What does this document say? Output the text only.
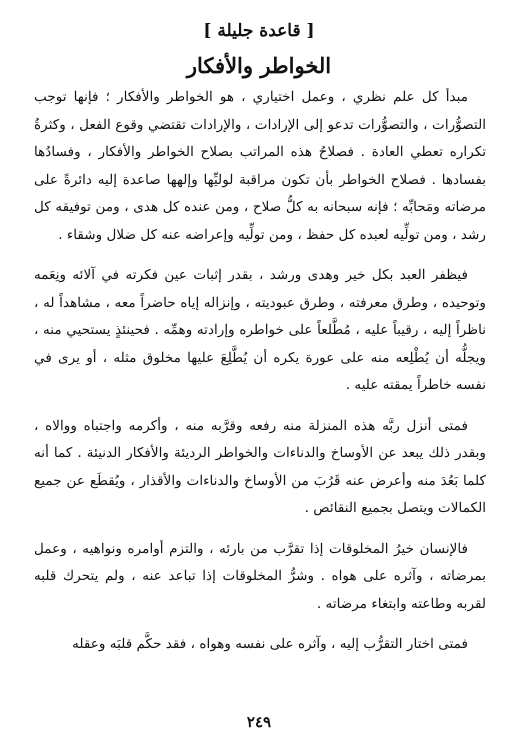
[ قاعدة جليلة ]
الخواطر والأفكار

مبدأ كل علم نظري ، وعمل اختياري ، هو الخواطر والأفكار ؛ فإنها توجب التصوُّرات ، والتصوُّرات تدعو إلى الإرادات ، والإرادات تقتضي وقوع الفعل ، وكثرةُ تكراره تعطي العادة . فصلاحُ هذه المراتب بصلاح الخواطر والأفكار ، وفسادُها بفسادها . فصلاح الخواطر بأن تكون مراقبة لوليِّها وإلهها صاعدة إليه دائرةً على مرضاته ومَحابِّه ؛ فإنه سبحانه به كلُّ صلاح ، ومن عنده كل هدى ، ومن توفيقه كل رشد ، ومن تولِّيه لعبده كل حفظ ، ومن تولِّيه وإعراضه عنه كل ضلال وشقاء .

فيظفر العبد بكل خير وهدى ورشد ، بقدر إثبات عين فكرته في آلائه ونِعَمه وتوحيده ، وطرق معرفته ، وطرق عبوديته ، وإنزاله إياه حاضراً معه ، مشاهداً له ، ناظراً إليه ، رقيباً عليه ، مُطَّلعاً على خواطره وإرادته وهمِّه . فحينئذٍ يستحيي منه ، ويجلُّه أن يُطْلِعه منه على عورة يكره أن يُطَّلِعَ عليها مخلوق مثله ، أو يرى في نفسه خاطراً يمقته عليه .

فمتى أنزل ربَّه هذه المنزلة منه رفعه وقرَّبه منه ، وأكرمه واجتباه ووالاه ، وبقدر ذلك يبعد عن الأوساخ والدناءات والخواطر الرديئة والأفكار الدنيئة . كما أنه كلما بَعُدَ منه وأعرض عنه قَرُبَ من الأوساخ والدناءات والأقذار ، ويُقطَع عن جميع الكمالات ويتصل بجميع النقائص .

فالإنسان خيرُ المخلوقات إذا تقرَّب من بارئه ، والتزم أوامره ونواهيه ، وعمل بمرضاته ، وآثره على هواه . وشرُّ المخلوقات إذا تباعد عنه ، ولم يتحرك قلبه لقربه وطاعته وابتغاء مرضاته .

فمتى اختار التقرُّب إليه ، وآثره على نفسه وهواه ، فقد حكَّم قلبَه وعقله

٢٤٩
